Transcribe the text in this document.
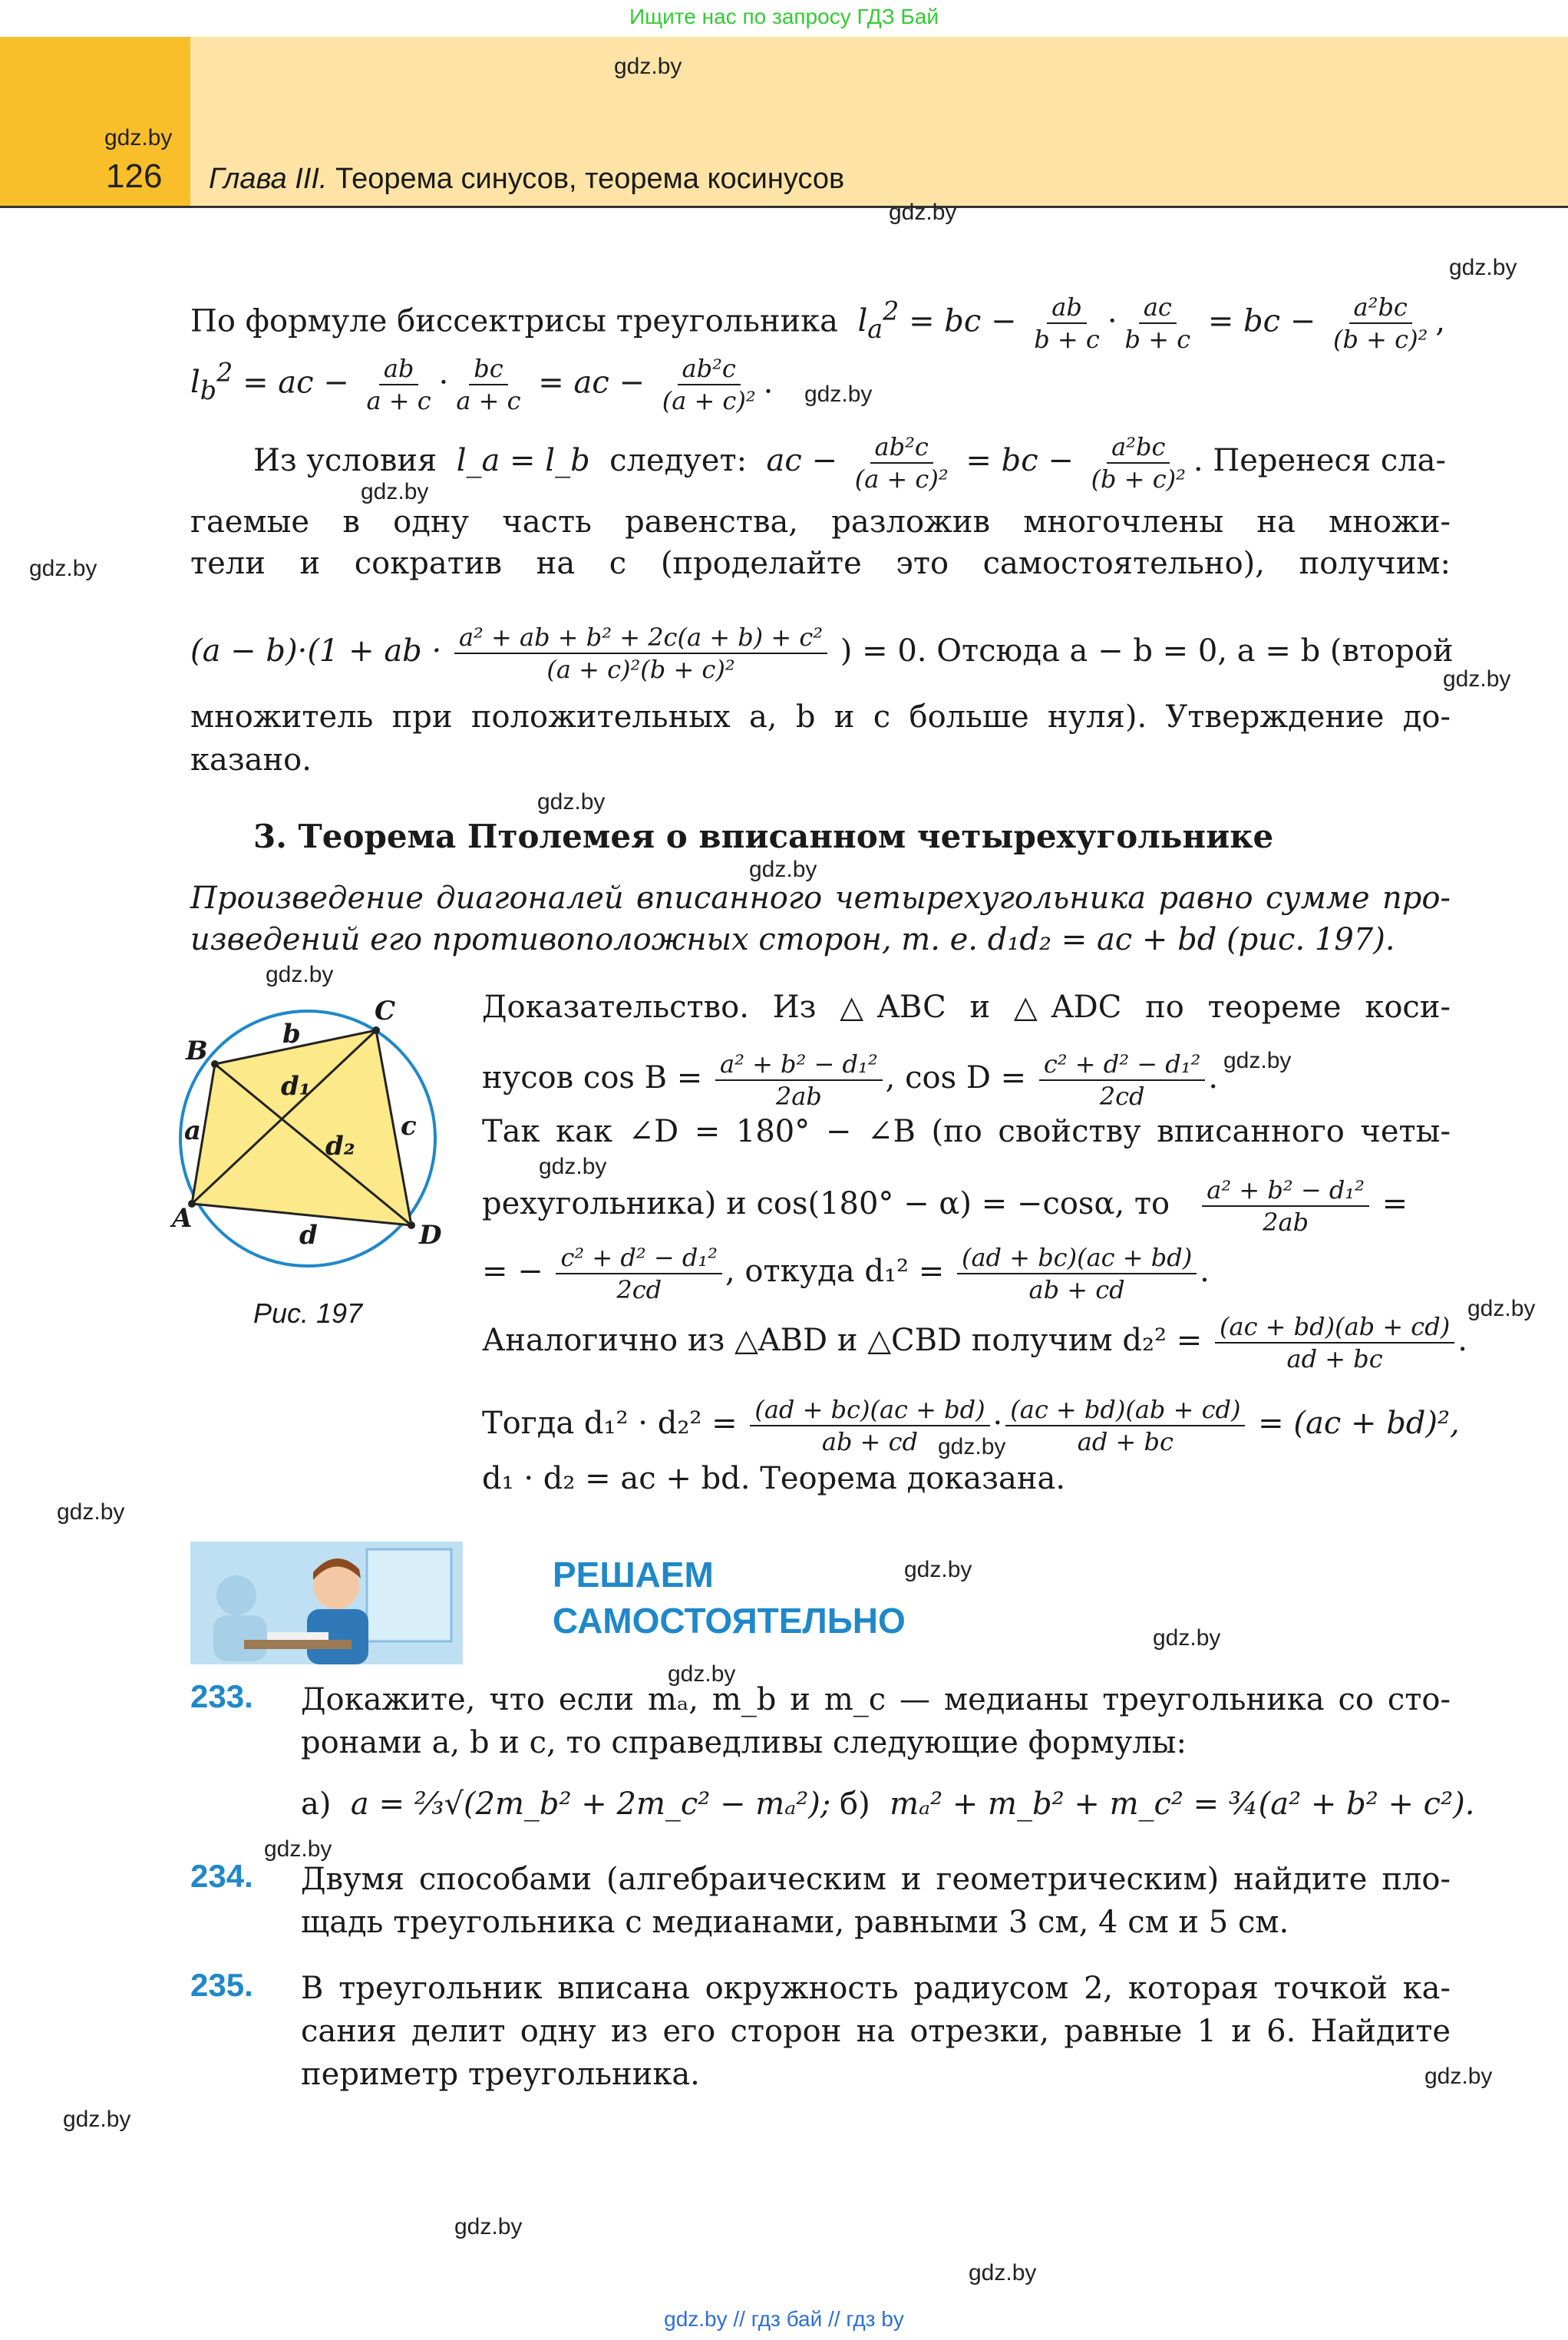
Ищите нас по запросу ГДЗ Бай
126 Глава III. Теорема синусов, теорема косинусов
gdz.by
gdz.by
gdz.by
gdz.by
gdz.by
gdz.by
gdz.by
gdz.by
gdz.by
gdz.by
gdz.by
gdz.by
gdz.by
gdz.by
gdz.by
gdz.by
gdz.by
gdz.by
gdz.by
gdz.by
gdz.by
gdz.by
gdz.by
gdz.by
По формуле биссектрисы треугольника $l_a^2$ = bc − $\frac{ab}{b + c} \cdot \frac{ac}{b + c}$ = bc − $\frac{\text{a²bc}}{\text{(b + c)²}}$ ,
$l_b^2$ = ac − $\frac{ab}{a + c} \cdot \frac{bc}{a + c}$ = ac − $\frac{\text{ab²c}}{\text{(a + c)²}}$ .
Из условия l_a = l_b следует: ac − $\frac{\text{ab²c}}{\text{(a + c)²}}$ = bc − $\frac{\text{a²bc}}{\text{(b + c)²}}$ . Перенеся сла-
гаемые в одну часть равенства, разложив многочлены на множи-
тели и сократив на c (проделайте это самостоятельно), получим:
(a − b)·(1 + ab · $\frac{\text{a² + ab + b² + 2c(a + b) + c²}}{\text{(a + c)²(b + c)²}}$ ) = 0. Отсюда a − b = 0, a = b (второй
множитель при положительных a, b и c больше нуля). Утверждение до-
казано.
3. Теорема Птолемея о вписанном четырехугольнике
Произведение диагоналей вписанного четырехугольника равно сумме про-
изведений его противоположных сторон, т. е. d₁d₂ = ac + bd (рис. 197).
B
C
D
A
b
a	c
d
d₁
d₂
Рис. 197
Доказательство. Из △ABC и △ADC по теореме коси-
нусов $\cos B = \frac{\text{a² + b² − d₁²}}{2ab}$ , $\cos D = \frac{\text{c² + d² − d₁²}}{2cd}$ .
Так как ∠D = 180° − ∠B (по свойству вписанного четы-
рехугольника) и cos(180° − α) = −cosα, то $\frac{\text{a² + b² − d₁²}}{2ab}$ =
= − $\frac{\text{c² + d² − d₁²}}{2cd}$ , откуда $d_1^2 = \frac{(ad + bc)(ac + bd)}{ab + cd}$ .
Аналогично из △ABD и △CBD получим $d_2^2 = \frac{(ac + bd)(ab + cd)}{ad + bc}$ .
Тогда $d_1^2 \cdot d_2^2 = \frac{(ad + bc)(ac + bd)}{ab + cd} \cdot \frac{(ac + bd)(ab + cd)}{ad + bc} = (ac + bd)^2$,
d₁ · d₂ = ac + bd. Теорема доказана.
РЕШАЕМ
САМОСТОЯТЕЛЬНО
233. Докажите, что если mₐ, m_b и m_c — медианы треугольника со сто-
ронами a, b и c, то справедливы следующие формулы:
а) a = ⅔√(2m_b² + 2m_c² − mₐ²); б) mₐ² + m_b² + m_c² = ¾(a² + b² + c²).
234. Двумя способами (алгебраическим и геометрическим) найдите пло-
щадь треугольника с медианами, равными 3 см, 4 см и 5 см.
235. В треугольник вписана окружность радиусом 2, которая точкой ка-
сания делит одну из его сторон на отрезки, равные 1 и 6. Найдите
периметр треугольника.
gdz.by // гдз бай // гдз by
